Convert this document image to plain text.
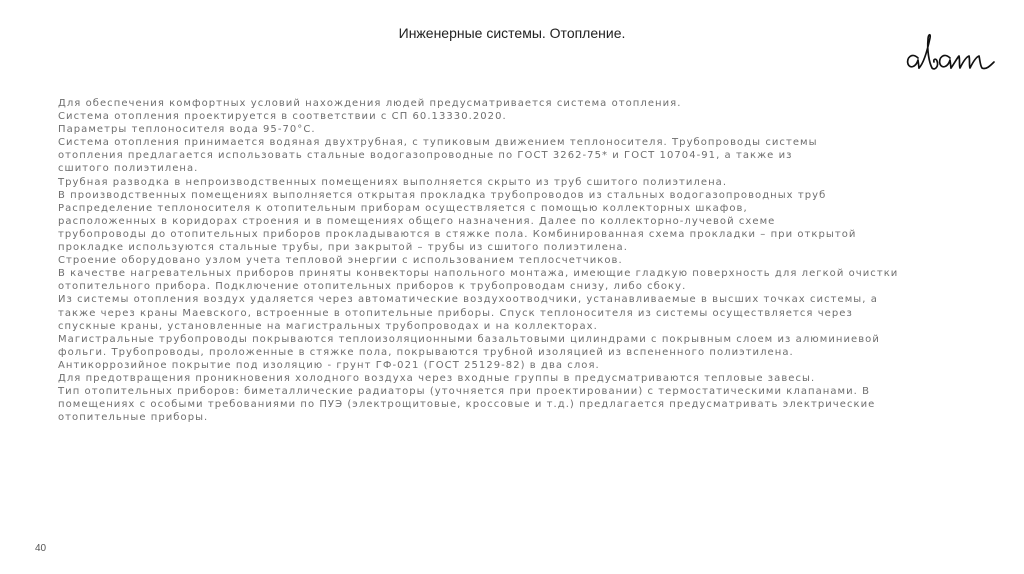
Инженерные системы. Отопление.
Для обеспечения комфортных условий нахождения людей предусматривается система отопления.
Система отопления проектируется в соответствии с СП 60.13330.2020.
Параметры теплоносителя вода 95-70°С.
Система отопления принимается водяная двухтрубная, с тупиковым движением теплоносителя. Трубопроводы системы
отопления предлагается использовать стальные водогазопроводные по ГОСТ 3262-75* и ГОСТ 10704-91, а также из
сшитого полиэтилена.
Трубная разводка в непроизводственных помещениях выполняется скрыто из труб сшитого полиэтилена.
В производственных помещениях выполняется открытая прокладка трубопроводов из стальных водогазопроводных труб
Распределение теплоносителя к отопительным приборам осуществляется с помощью коллекторных шкафов,
расположенных в коридорах строения и в помещениях общего назначения. Далее по коллекторно-лучевой схеме
трубопроводы до отопительных приборов прокладываются в стяжке пола. Комбинированная схема прокладки – при открытой
прокладке используются стальные трубы, при закрытой – трубы из сшитого полиэтилена.
Строение оборудовано узлом учета тепловой энергии с использованием теплосчетчиков.
В качестве нагревательных приборов приняты конвекторы напольного монтажа, имеющие гладкую поверхность для легкой очистки
отопительного прибора. Подключение отопительных приборов к трубопроводам снизу, либо сбоку.
Из системы отопления воздух удаляется через автоматические воздухоотводчики, устанавливаемые в высших точках системы, а
также через краны Маевского, встроенные в отопительные приборы. Спуск теплоносителя из системы осуществляется через
спускные краны, установленные на магистральных трубопроводах и на коллекторах.
Магистральные трубопроводы покрываются теплоизоляционными базальтовыми цилиндрами с покрывным слоем из алюминиевой
фольги. Трубопроводы, проложенные в стяжке пола, покрываются трубной изоляцией из вспененного полиэтилена.
Антикоррозийное покрытие под изоляцию - грунт ГФ-021 (ГОСТ 25129-82) в два слоя.
Для предотвращения проникновения холодного воздуха через входные группы в предусматриваются тепловые завесы.
Тип отопительных приборов: биметаллические радиаторы (уточняется при проектировании) с термостатическими клапанами. В
помещениях с особыми требованиями по ПУЭ (электрощитовые, кроссовые и т.д.) предлагается предусматривать электрические
отопительные приборы.
40
